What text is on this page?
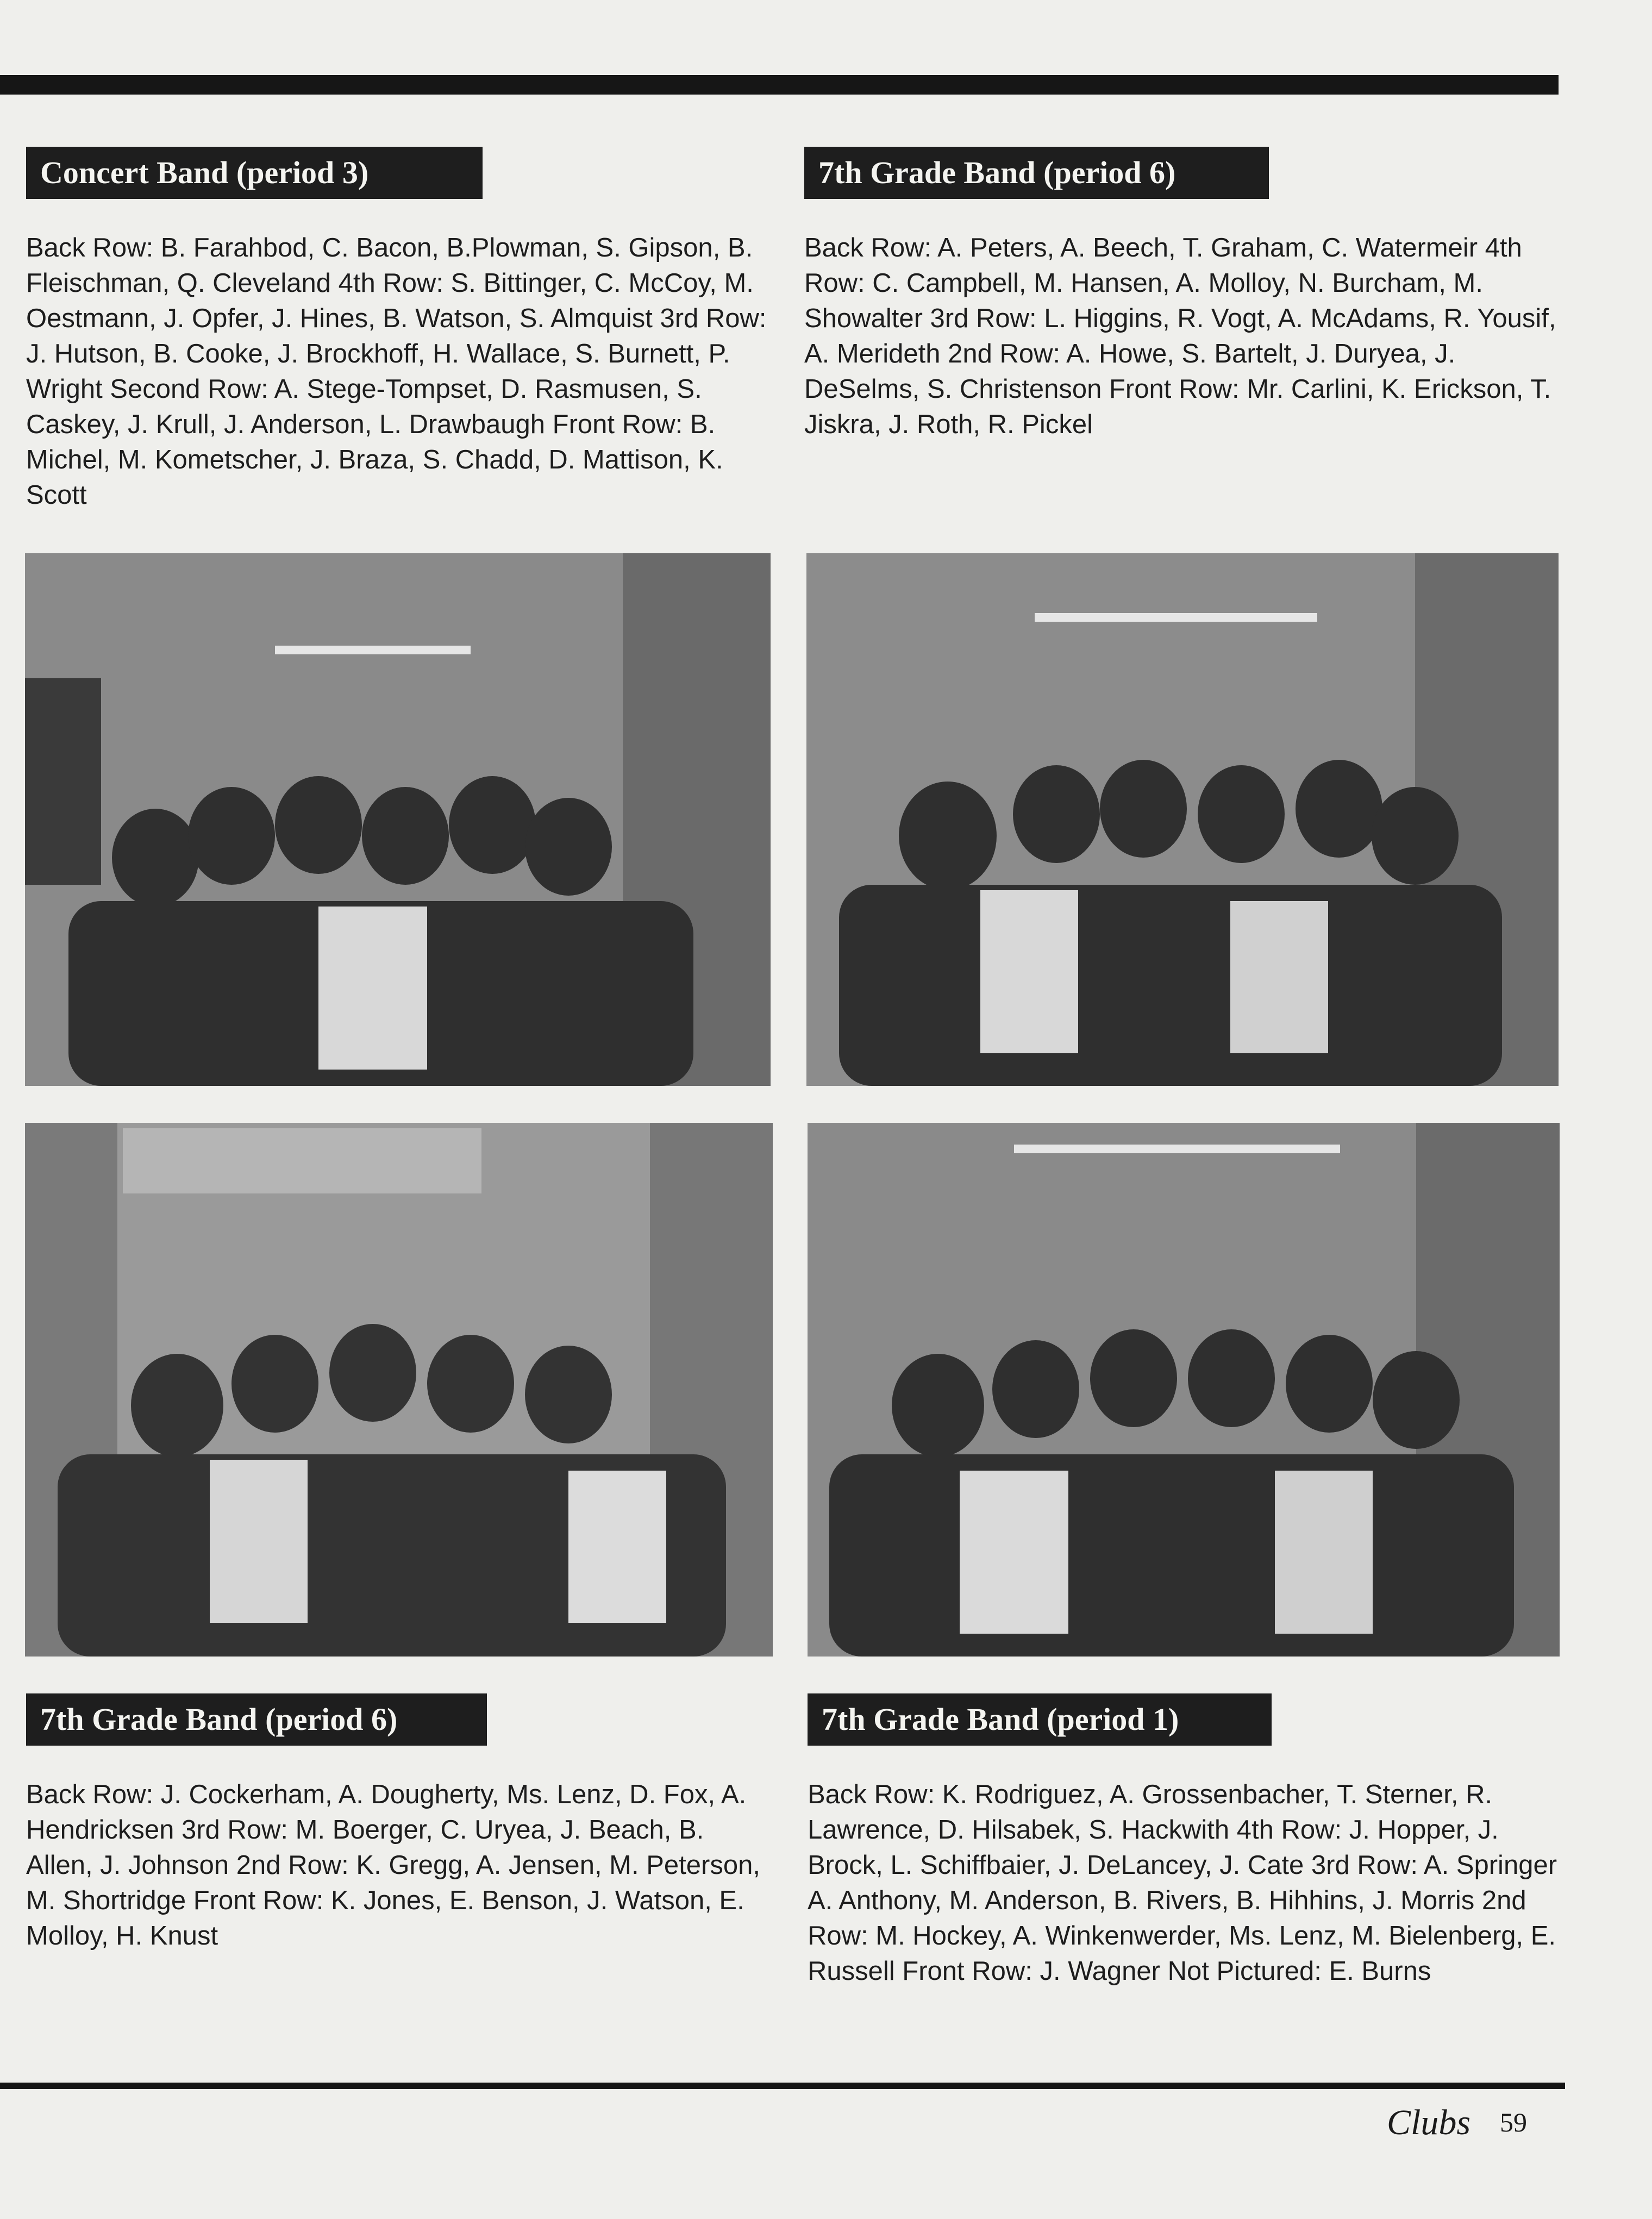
Concert Band (period 3)

Back Row: B. Farahbod, C. Bacon, B.Plowman, S. Gipson, B. Fleischman, Q. Cleveland 4th Row: S. Bittinger, C. McCoy, M. Oestmann, J. Opfer, J. Hines, B. Watson, S. Almquist 3rd Row: J. Hutson, B. Cooke, J. Brockhoff, H. Wallace, S. Burnett, P. Wright Second Row: A. Stege-Tompset, D. Rasmusen, S. Caskey, J. Krull, J. Anderson, L. Drawbaugh Front Row: B. Michel, M. Kometscher, J. Braza, S. Chadd, D. Mattison, K. Scott

7th Grade Band (period 6)

Back Row: A. Peters, A. Beech, T. Graham, C. Watermeir 4th Row: C. Campbell, M. Hansen, A. Molloy, N. Burcham, M. Showalter 3rd Row: L. Higgins, R. Vogt, A. McAdams, R. Yousif, A. Merideth 2nd Row: A. Howe, S. Bartelt, J. Duryea, J. DeSelms, S. Christenson Front Row: Mr. Carlini, K. Erickson, T. Jiskra, J. Roth, R. Pickel

7th Grade Band (period 6)

Back Row: J. Cockerham, A. Dougherty, Ms. Lenz, D. Fox, A. Hendricksen 3rd Row: M. Boerger, C. Uryea, J. Beach, B. Allen, J. Johnson 2nd Row: K. Gregg, A. Jensen, M. Peterson, M. Shortridge Front Row: K. Jones, E. Benson, J. Watson, E. Molloy, H. Knust

7th Grade Band (period 1)

Back Row: K. Rodriguez, A. Grossenbacher, T. Sterner, R. Lawrence, D. Hilsabek, S. Hackwith 4th Row: J. Hopper, J. Brock, L. Schiffbaier, J. DeLancey, J. Cate 3rd Row: A. Springer A. Anthony, M. Anderson, B. Rivers, B. Hihhins, J. Morris 2nd Row: M. Hockey, A. Winkenwerder, Ms. Lenz, M. Bielenberg, E. Russell Front Row: J. Wagner Not Pictured: E. Burns

Clubs 59
